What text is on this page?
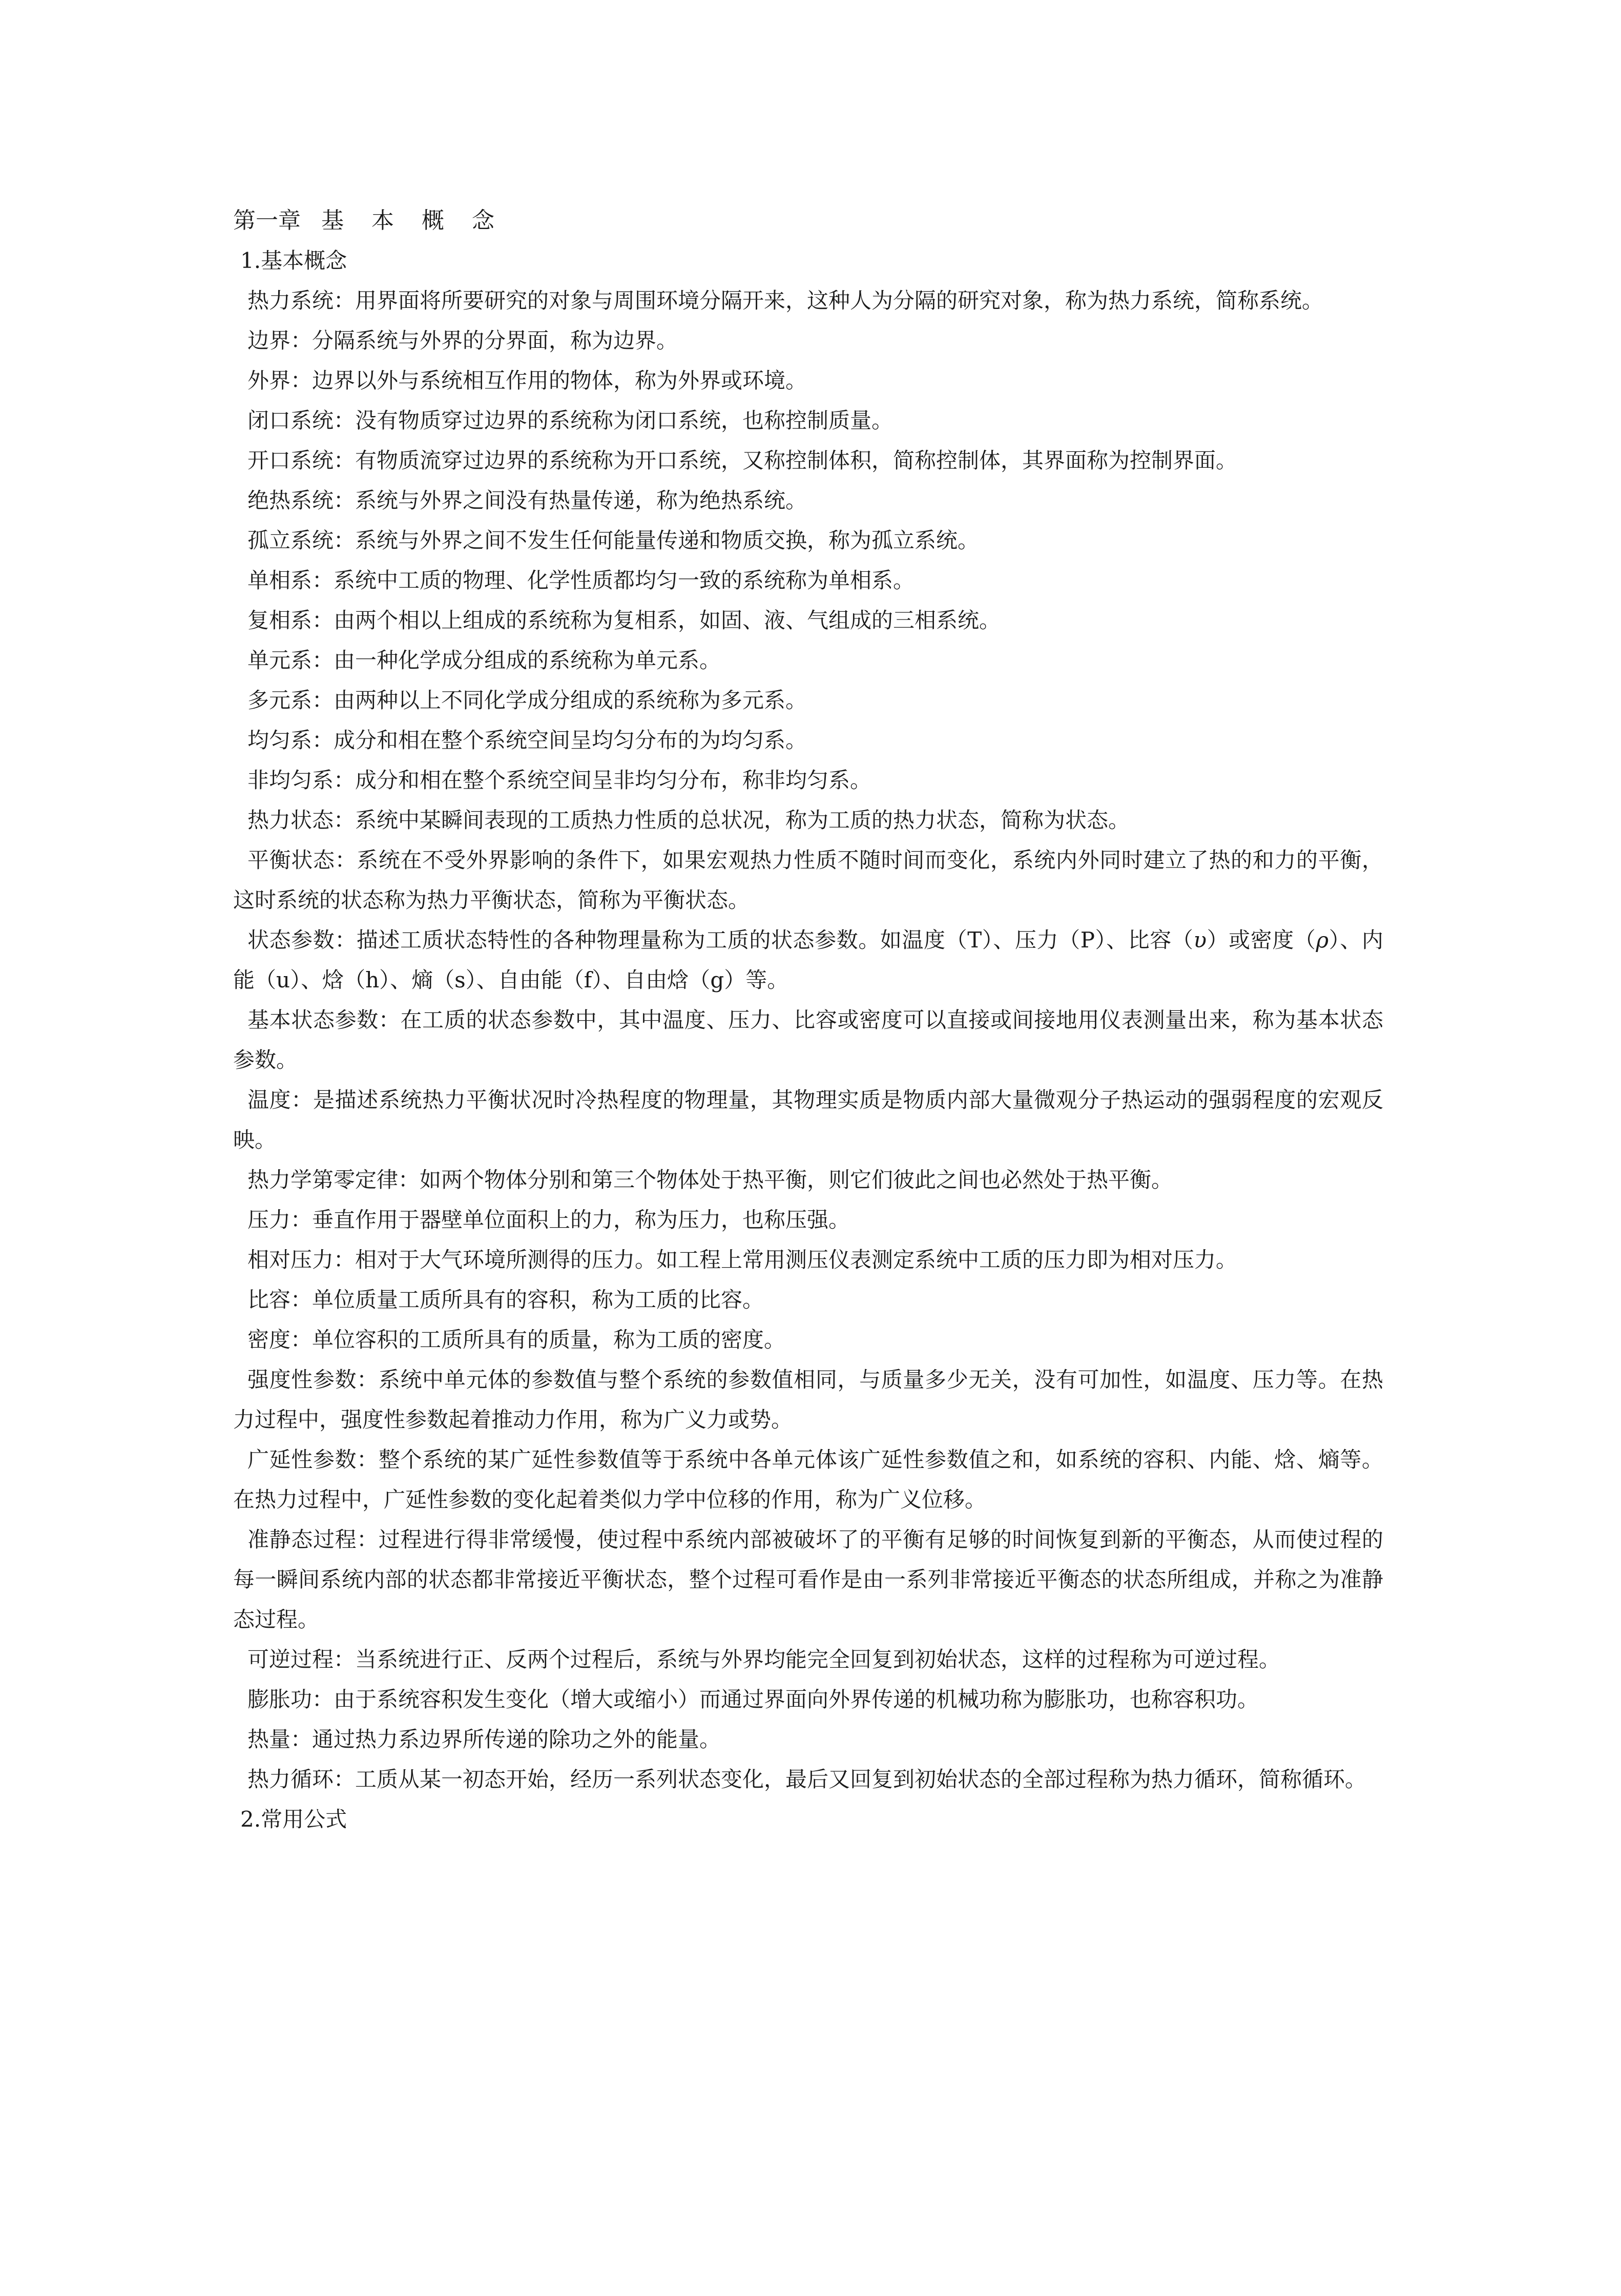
第一章 基 本 概 念
1.基本概念

热力系统：用界面将所要研究的对象与周围环境分隔开来，这种人为分隔的研究对象，称为热力系统，简称系统。

边界：分隔系统与外界的分界面，称为边界。

外界：边界以外与系统相互作用的物体，称为外界或环境。

闭口系统：没有物质穿过边界的系统称为闭口系统，也称控制质量。

开口系统：有物质流穿过边界的系统称为开口系统，又称控制体积，简称控制体，其界面称为控制界面。

绝热系统：系统与外界之间没有热量传递，称为绝热系统。

孤立系统：系统与外界之间不发生任何能量传递和物质交换，称为孤立系统。

单相系：系统中工质的物理、化学性质都均匀一致的系统称为单相系。

复相系：由两个相以上组成的系统称为复相系，如固、液、气组成的三相系统。

单元系：由一种化学成分组成的系统称为单元系。

多元系：由两种以上不同化学成分组成的系统称为多元系。

均匀系：成分和相在整个系统空间呈均匀分布的为均匀系。

非均匀系：成分和相在整个系统空间呈非均匀分布，称非均匀系。

热力状态：系统中某瞬间表现的工质热力性质的总状况，称为工质的热力状态，简称为状态。

平衡状态：系统在不受外界影响的条件下，如果宏观热力性质不随时间而变化，系统内外同时建立了热的和力的平衡，这时系统的状态称为热力平衡状态，简称为平衡状态。

状态参数：描述工质状态特性的各种物理量称为工质的状态参数。如温度（T）、压力（P）、比容（υ）或密度（ρ）、内能（u）、焓（h）、熵（s）、自由能（f）、自由焓（g）等。

基本状态参数：在工质的状态参数中，其中温度、压力、比容或密度可以直接或间接地用仪表测量出来，称为基本状态参数。

温度：是描述系统热力平衡状况时冷热程度的物理量，其物理实质是物质内部大量微观分子热运动的强弱程度的宏观反映。

热力学第零定律：如两个物体分别和第三个物体处于热平衡，则它们彼此之间也必然处于热平衡。

压力：垂直作用于器壁单位面积上的力，称为压力，也称压强。

相对压力：相对于大气环境所测得的压力。如工程上常用测压仪表测定系统中工质的压力即为相对压力。

比容：单位质量工质所具有的容积，称为工质的比容。

密度：单位容积的工质所具有的质量，称为工质的密度。

强度性参数：系统中单元体的参数值与整个系统的参数值相同，与质量多少无关，没有可加性，如温度、压力等。在热力过程中，强度性参数起着推动力作用，称为广义力或势。

广延性参数：整个系统的某广延性参数值等于系统中各单元体该广延性参数值之和，如系统的容积、内能、焓、熵等。在热力过程中，广延性参数的变化起着类似力学中位移的作用，称为广义位移。

准静态过程：过程进行得非常缓慢，使过程中系统内部被破坏了的平衡有足够的时间恢复到新的平衡态，从而使过程的每一瞬间系统内部的状态都非常接近平衡状态，整个过程可看作是由一系列非常接近平衡态的状态所组成，并称之为准静态过程。

可逆过程：当系统进行正、反两个过程后，系统与外界均能完全回复到初始状态，这样的过程称为可逆过程。

膨胀功：由于系统容积发生变化（增大或缩小）而通过界面向外界传递的机械功称为膨胀功，也称容积功。

热量：通过热力系边界所传递的除功之外的能量。

热力循环：工质从某一初态开始，经历一系列状态变化，最后又回复到初始状态的全部过程称为热力循环，简称循环。

2.常用公式
